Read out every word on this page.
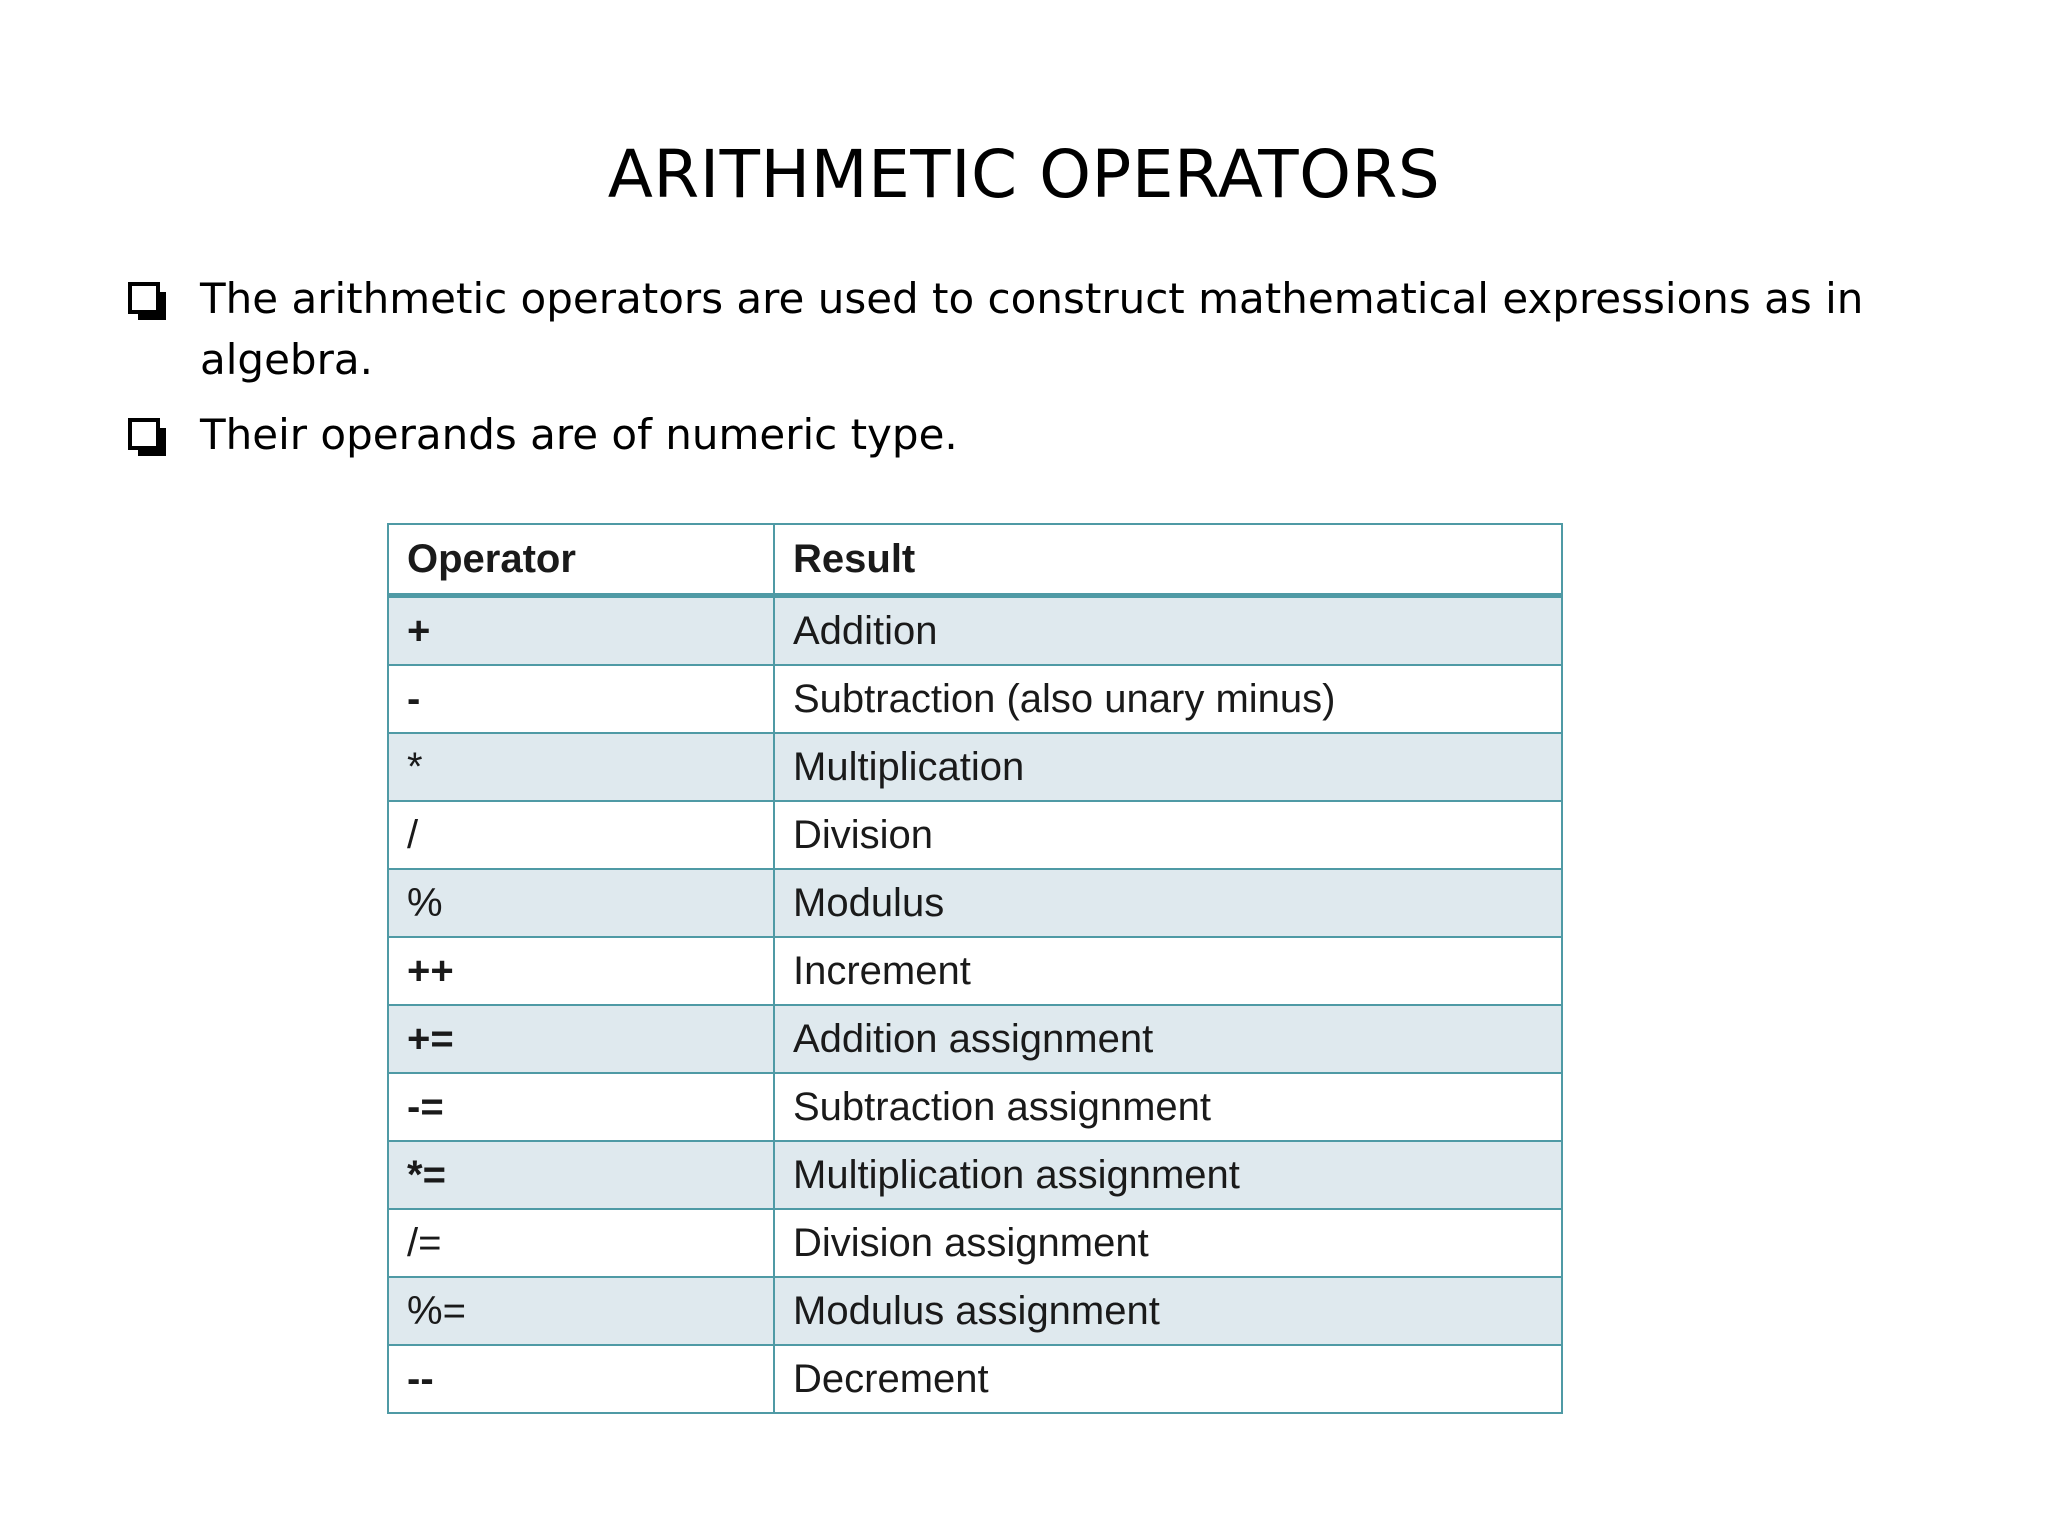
ARITHMETIC OPERATORS
The arithmetic operators are used to construct mathematical expressions as in algebra.
Their operands are of numeric type.
Operator	Result
+	Addition
-	Subtraction (also unary minus)
*	Multiplication
/	Division
%	Modulus
++	Increment
+=	Addition assignment
-=	Subtraction assignment
*=	Multiplication assignment
/=	Division assignment
%=	Modulus assignment
--	Decrement
